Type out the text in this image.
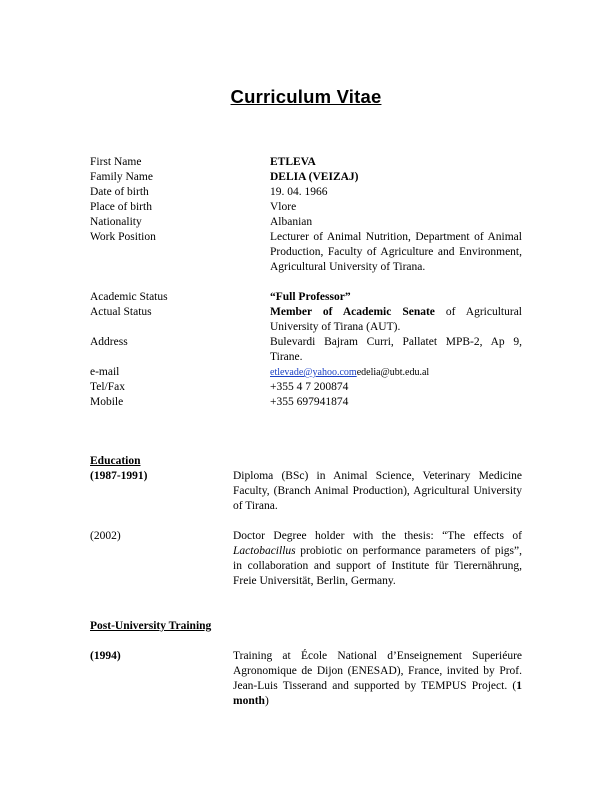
Curriculum Vitae
First Name	ETLEVA
Family Name	DELIA (VEIZAJ)
Date of birth	19. 04. 1966
Place of birth	Vlore
Nationality	Albanian
Work Position	Lecturer of Animal Nutrition, Department of Animal Production, Faculty of Agriculture and Environment, Agricultural University of Tirana.
Academic Status	“Full Professor”
Actual Status	Member of Academic Senate of Agricultural University of Tirana (AUT).
Address	Bulevardi Bajram Curri, Pallatet MPB-2, Ap 9, Tirane.
e-mail	etlevade@yahoo.comedelia@ubt.edu.al
Tel/Fax	+355 4 7 200874
Mobile	+355 697941874
Education
(1987-1991)	Diploma (BSc) in Animal Science, Veterinary Medicine Faculty, (Branch Animal Production), Agricultural University of Tirana.
(2002)	Doctor Degree holder with the thesis: “The effects of Lactobacillus probiotic on performance parameters of pigs”, in collaboration and support of Institute für Tierernährung, Freie Universität, Berlin, Germany.
Post-University Training
(1994)	Training at École National d’Enseignement Superiéure Agronomique de Dijon (ENESAD), France, invited by Prof. Jean-Luis Tisserand and supported by TEMPUS Project. (1 month)
